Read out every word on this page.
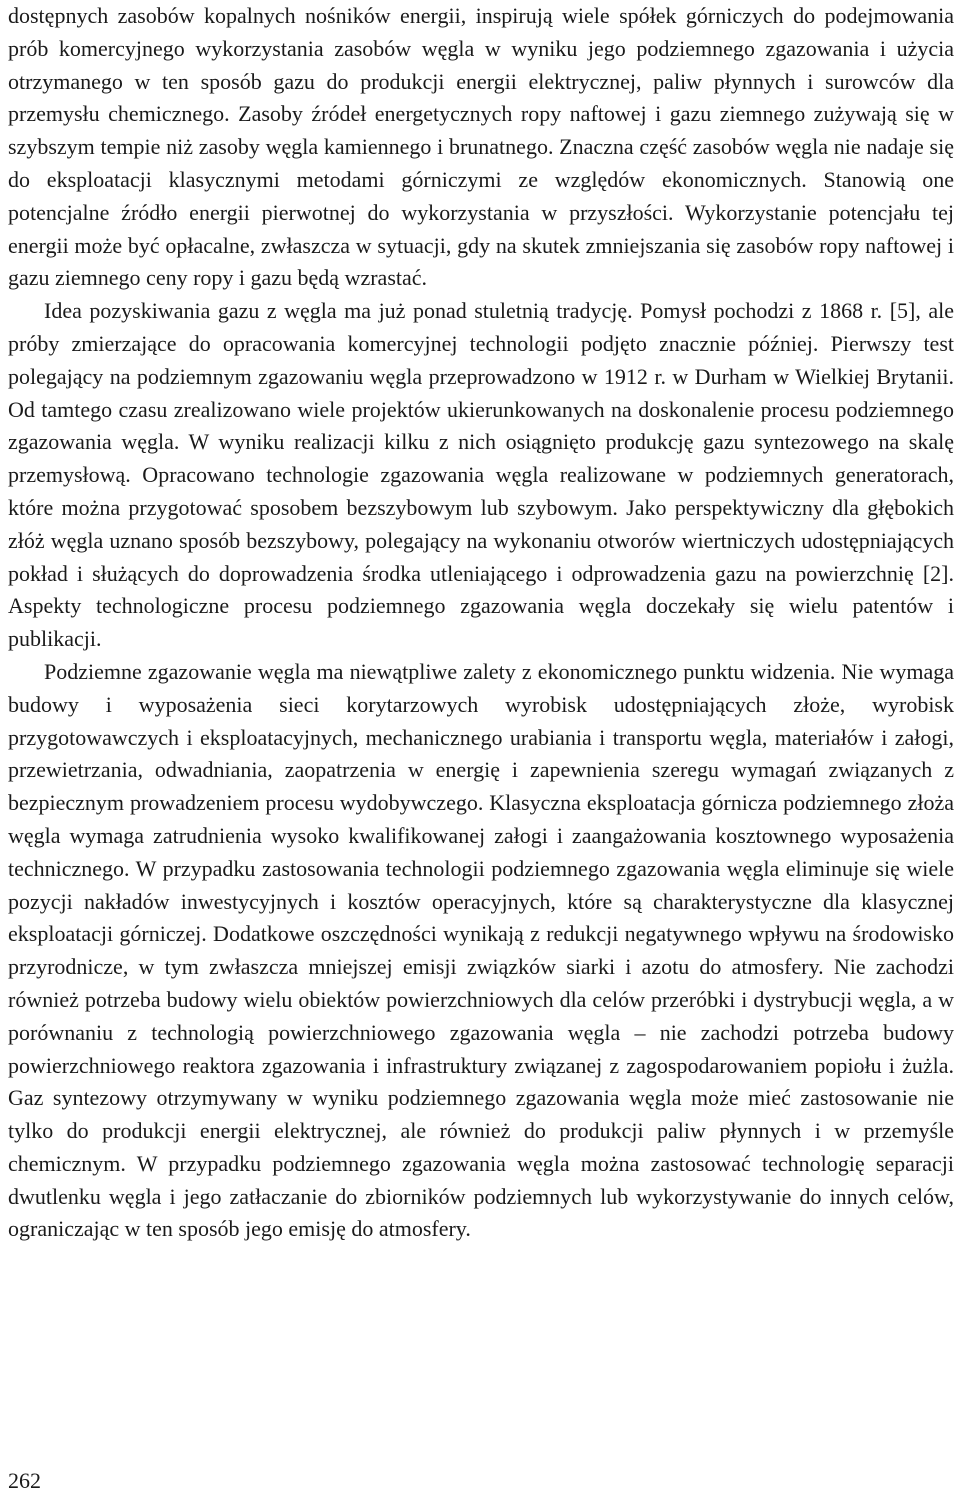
dostępnych zasobów kopalnych nośników energii, inspirują wiele spółek górniczych do podejmowania prób komercyjnego wykorzystania zasobów węgla w wyniku jego podziemnego zgazowania i użycia otrzymanego w ten sposób gazu do produkcji energii elektrycznej, paliw płynnych i surowców dla przemysłu chemicznego. Zasoby źródeł energetycznych ropy naftowej i gazu ziemnego zużywają się w szybszym tempie niż zasoby węgla kamiennego i brunatnego. Znaczna część zasobów węgla nie nadaje się do eksploatacji klasycznymi metodami górniczymi ze względów ekonomicznych. Stanowią one potencjalne źródło energii pierwotnej do wykorzystania w przyszłości. Wykorzystanie potencjału tej energii może być opłacalne, zwłaszcza w sytuacji, gdy na skutek zmniejszania się zasobów ropy naftowej i gazu ziemnego ceny ropy i gazu będą wzrastać.

Idea pozyskiwania gazu z węgla ma już ponad stuletnią tradycję. Pomysł pochodzi z 1868 r. [5], ale próby zmierzające do opracowania komercyjnej technologii podjęto znacznie później. Pierwszy test polegający na podziemnym zgazowaniu węgla przeprowadzono w 1912 r. w Durham w Wielkiej Brytanii. Od tamtego czasu zrealizowano wiele projektów ukierunkowanych na doskonalenie procesu podziemnego zgazowania węgla. W wyniku realizacji kilku z nich osiągnięto produkcję gazu syntezowego na skalę przemysłową. Opracowano technologie zgazowania węgla realizowane w podziemnych generatorach, które można przygotować sposobem bezszybowym lub szybowym. Jako perspektywiczny dla głębokich złóż węgla uznano sposób bezszybowy, polegający na wykonaniu otworów wiertniczych udostępniających pokład i służących do doprowadzenia środka utleniającego i odprowadzenia gazu na powierzchnię [2]. Aspekty technologiczne procesu podziemnego zgazowania węgla doczekały się wielu patentów i publikacji.

Podziemne zgazowanie węgla ma niewątpliwe zalety z ekonomicznego punktu widzenia. Nie wymaga budowy i wyposażenia sieci korytarzowych wyrobisk udostępniających złoże, wyrobisk przygotowawczych i eksploatacyjnych, mechanicznego urabiania i transportu węgla, materiałów i załogi, przewietrzania, odwadniania, zaopatrzenia w energię i zapewnienia szeregu wymagań związanych z bezpiecznym prowadzeniem procesu wydobywczego. Klasyczna eksploatacja górnicza podziemnego złoża węgla wymaga zatrudnienia wysoko kwalifikowanej załogi i zaangażowania kosztownego wyposażenia technicznego. W przypadku zastosowania technologii podziemnego zgazowania węgla eliminuje się wiele pozycji nakładów inwestycyjnych i kosztów operacyjnych, które są charakterystyczne dla klasycznej eksploatacji górniczej. Dodatkowe oszczędności wynikają z redukcji negatywnego wpływu na środowisko przyrodnicze, w tym zwłaszcza mniejszej emisji związków siarki i azotu do atmosfery. Nie zachodzi również potrzeba budowy wielu obiektów powierzchniowych dla celów przeróbki i dystrybucji węgla, a w porównaniu z technologią powierzchniowego zgazowania węgla – nie zachodzi potrzeba budowy powierzchniowego reaktora zgazowania i infrastruktury związanej z zagospodarowaniem popiołu i żużla. Gaz syntezowy otrzymywany w wyniku podziemnego zgazowania węgla może mieć zastosowanie nie tylko do produkcji energii elektrycznej, ale również do produkcji paliw płynnych i w przemyśle chemicznym. W przypadku podziemnego zgazowania węgla można zastosować technologię separacji dwutlenku węgla i jego zatłaczanie do zbiorników podziemnych lub wykorzystywanie do innych celów, ograniczając w ten sposób jego emisję do atmosfery.

262
